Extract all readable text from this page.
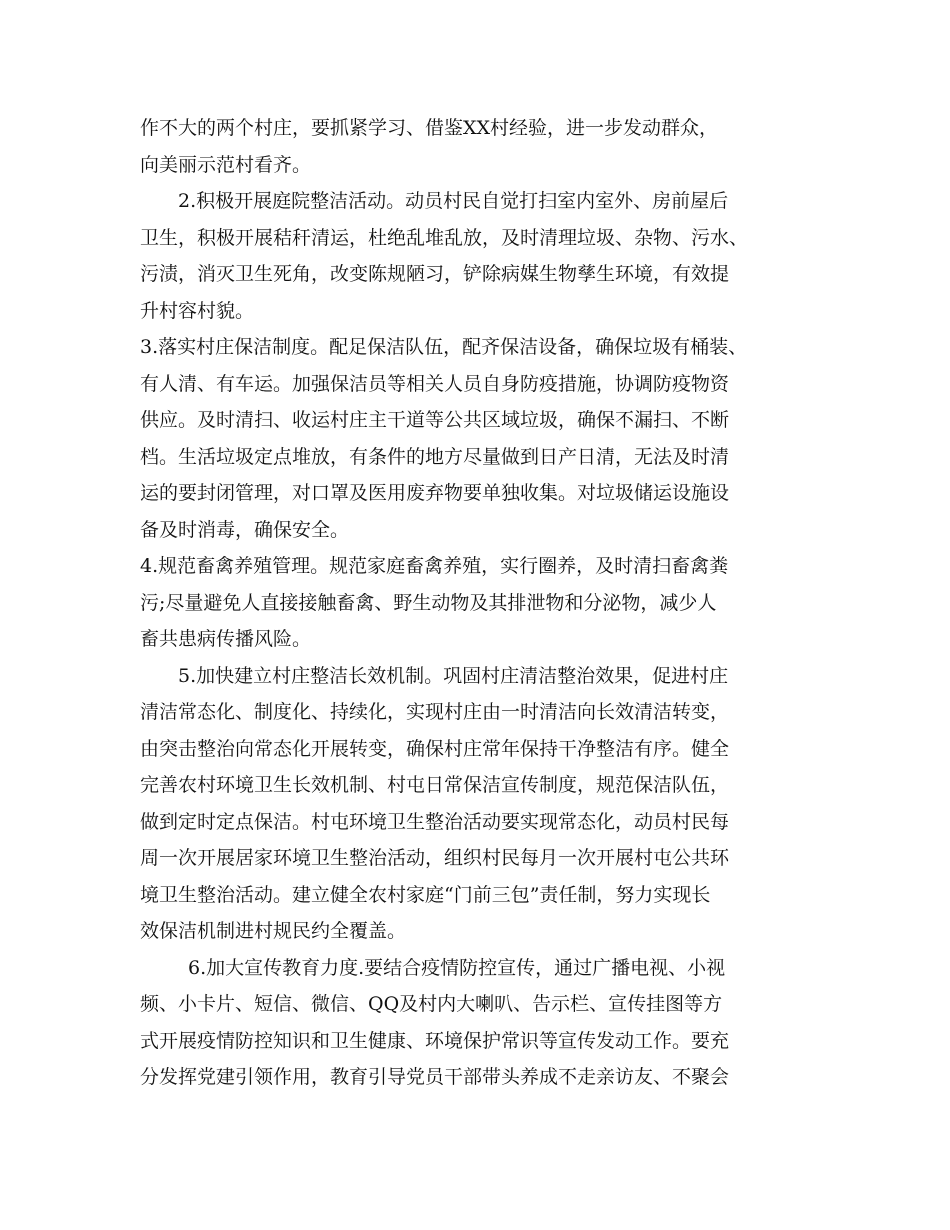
作不大的两个村庄，要抓紧学习、借鉴XX村经验，进一步发动群众，
向美丽示范村看齐。
2.积极开展庭院整洁活动。动员村民自觉打扫室内室外、房前屋后
卫生，积极开展秸秆清运，杜绝乱堆乱放，及时清理垃圾、杂物、污水、
污渍，消灭卫生死角，改变陈规陋习，铲除病媒生物孳生环境，有效提
升村容村貌。
3.落实村庄保洁制度。配足保洁队伍，配齐保洁设备，确保垃圾有桶装、
有人清、有车运。加强保洁员等相关人员自身防疫措施，协调防疫物资
供应。及时清扫、收运村庄主干道等公共区域垃圾，确保不漏扫、不断
档。生活垃圾定点堆放，有条件的地方尽量做到日产日清，无法及时清
运的要封闭管理，对口罩及医用废弃物要单独收集。对垃圾储运设施设
备及时消毒，确保安全。
4.规范畜禽养殖管理。规范家庭畜禽养殖，实行圈养，及时清扫畜禽粪
污;尽量避免人直接接触畜禽、野生动物及其排泄物和分泌物，减少人
畜共患病传播风险。
5.加快建立村庄整洁长效机制。巩固村庄清洁整治效果，促进村庄
清洁常态化、制度化、持续化，实现村庄由一时清洁向长效清洁转变，
由突击整治向常态化开展转变，确保村庄常年保持干净整洁有序。健全
完善农村环境卫生长效机制、村屯日常保洁宣传制度，规范保洁队伍，
做到定时定点保洁。村屯环境卫生整治活动要实现常态化，动员村民每
周一次开展居家环境卫生整治活动，组织村民每月一次开展村屯公共环
境卫生整治活动。建立健全农村家庭“门前三包”责任制，努力实现长
效保洁机制进村规民约全覆盖。
6.加大宣传教育力度.要结合疫情防控宣传，通过广播电视、小视
频、小卡片、短信、微信、QQ及村内大喇叭、告示栏、宣传挂图等方
式开展疫情防控知识和卫生健康、环境保护常识等宣传发动工作。要充
分发挥党建引领作用，教育引导党员干部带头养成不走亲访友、不聚会
